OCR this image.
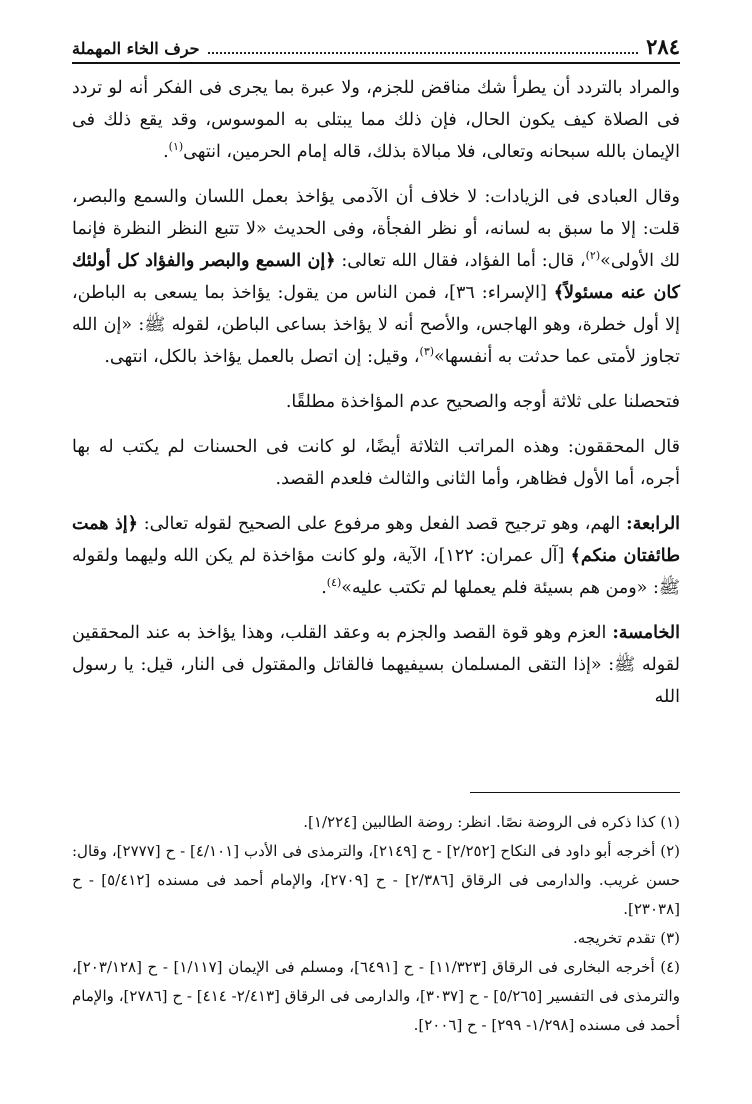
٢٨٤
حرف الخاء المهملة

والمراد بالتردد أن يطرأ شك مناقض للجزم، ولا عبرة بما يجرى فى الفكر أنه لو تردد فى الصلاة كيف يكون الحال، فإن ذلك مما يبتلى به الموسوس، وقد يقع ذلك فى الإيمان بالله سبحانه وتعالى، فلا مبالاة بذلك، قاله إمام الحرمين، انتهى$^{(١)}$.

وقال العبادى فى الزيادات: لا خلاف أن الآدمى يؤاخذ بعمل اللسان والسمع والبصر، قلت: إلا ما سبق به لسانه، أو نظر الفجأة، وفى الحديث «لا تتبع النظر النظرة فإنما لك الأولى»$^{(٢)}$، قال: أما الفؤاد، فقال الله تعالى: ﴿إن السمع والبصر والفؤاد كل أولئك كان عنه مسئولاً﴾ [الإسراء: ٣٦]، فمن الناس من يقول: يؤاخذ بما يسعى به الباطن، إلا أول خطرة، وهو الهاجس، والأصح أنه لا يؤاخذ بساعى الباطن، لقوله ﷺ: «إن الله تجاوز لأمتى عما حدثت به أنفسها»$^{(٣)}$، وقيل: إن اتصل بالعمل يؤاخذ بالكل، انتهى.

فتحصلنا على ثلاثة أوجه والصحيح عدم المؤاخذة مطلقًا.

قال المحققون: وهذه المراتب الثلاثة أيضًا، لو كانت فى الحسنات لم يكتب له بها أجره، أما الأول فظاهر، وأما الثانى والثالث فلعدم القصد.

الرابعة: الهم، وهو ترجيح قصد الفعل وهو مرفوع على الصحيح لقوله تعالى: ﴿إذ همت طائفتان منكم﴾ [آل عمران: ١٢٢]، الآية، ولو كانت مؤاخذة لم يكن الله وليهما ولقوله ﷺ: «ومن هم بسيئة فلم يعملها لم تكتب عليه»$^{(٤)}$.

الخامسة: العزم وهو قوة القصد والجزم به وعقد القلب، وهذا يؤاخذ به عند المحققين لقوله ﷺ: «إذا التقى المسلمان بسيفيهما فالقاتل والمقتول فى النار، قيل: يا رسول الله

(١) كذا ذكره فى الروضة نصًا. انظر: روضة الطالبين [١/٢٢٤].

(٢) أخرجه أبو داود فى النكاح [٢/٢٥٢] - ح [٢١٤٩]، والترمذى فى الأدب [٤/١٠١] - ح [٢٧٧٧]، وقال: حسن غريب. والدارمى فى الرقاق [٢/٣٨٦] - ح [٢٧٠٩]، والإمام أحمد فى مسنده [٥/٤١٢] - ح [٢٣٠٣٨].

(٣) تقدم تخريجه.

(٤) أخرجه البخارى فى الرقاق [١١/٣٢٣] - ح [٦٤٩١]، ومسلم فى الإيمان [١/١١٧] - ح [٢٠٣/١٢٨]، والترمذى فى التفسير [٥/٢٦٥] - ح [٣٠٣٧]، والدارمى فى الرقاق [٢/٤١٣- ٤١٤] - ح [٢٧٨٦]، والإمام أحمد فى مسنده [١/٢٩٨- ٢٩٩] - ح [٢٠٠٦].
